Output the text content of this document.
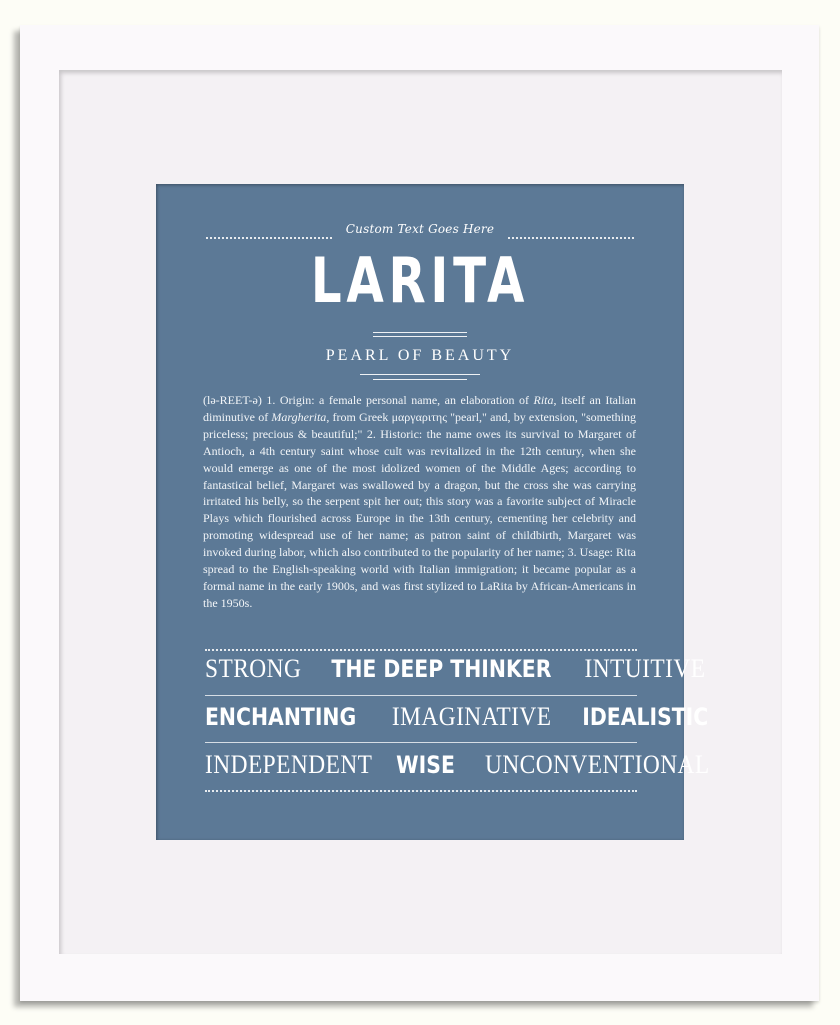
Custom Text Goes Here
LARITA
PEARL OF BEAUTY
(lə-REET-ə) 1. Origin: a female personal name, an elaboration of Rita, itself an Italian diminutive of Margherita, from Greek μαργαριτης "pearl," and, by extension, "something priceless; precious & beautiful;" 2. Historic: the name owes its survival to Margaret of Antioch, a 4th century saint whose cult was revitalized in the 12th century, when she would emerge as one of the most idolized women of the Middle Ages; according to fantastical belief, Margaret was swallowed by a dragon, but the cross she was carrying irritated his belly, so the serpent spit her out; this story was a favorite subject of Miracle Plays which flourished across Europe in the 13th century, cementing her celebrity and promoting widespread use of her name; as patron saint of childbirth, Margaret was invoked during labor, which also contributed to the popularity of her name; 3. Usage: Rita spread to the English-speaking world with Italian immigration; it became popular as a formal name in the early 1900s, and was first stylized to LaRita by African-Americans in the 1950s.
STRONG THE DEEP THINKER INTUITIVE
ENCHANTING IMAGINATIVE IDEALISTIC
INDEPENDENT WISE UNCONVENTIONAL
